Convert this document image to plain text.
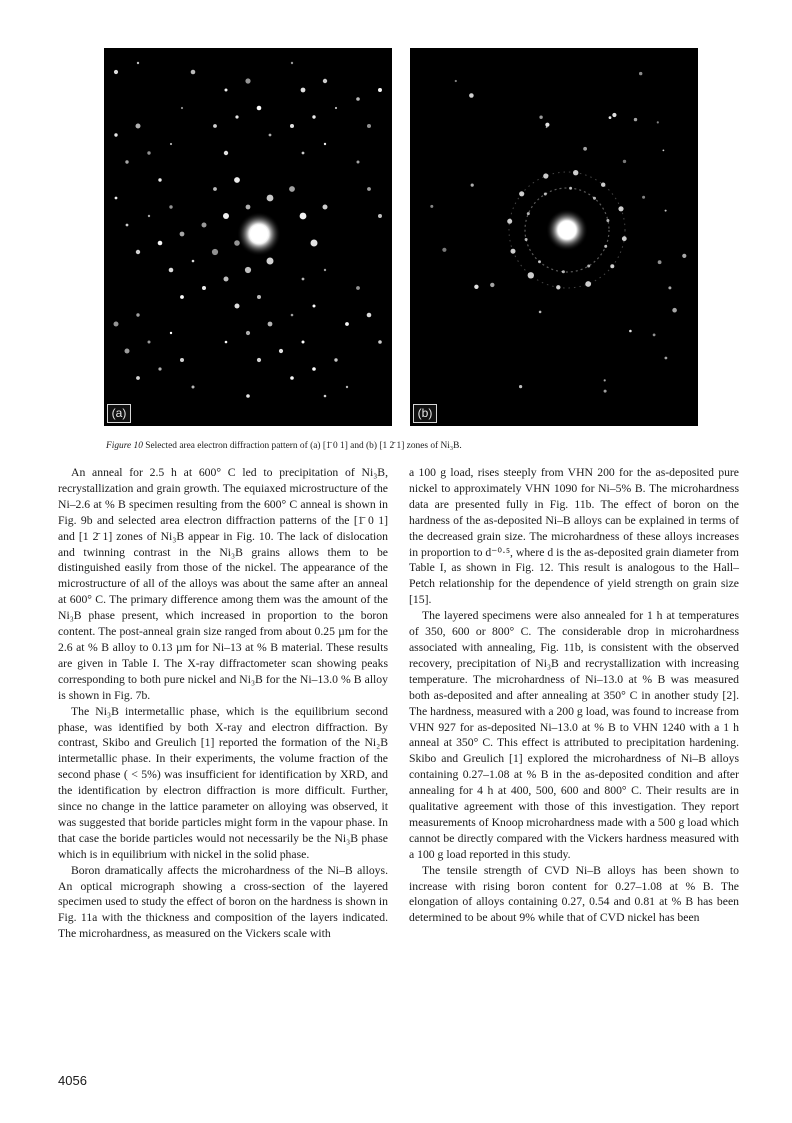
(a)	(b)
Figure 10 Selected area electron diffraction pattern of (a) [1̄ 0 1] and (b) [1 2̄ 1] zones of Ni₃B.

An anneal for 2.5 h at 600° C led to precipitation of Ni₃B, recrystallization and grain growth. The equiaxed microstructure of the Ni–2.6 at % B specimen resulting from the 600° C anneal is shown in Fig. 9b and selected area electron diffraction patterns of the [1̄ 0 1] and [1 2̄ 1] zones of Ni₃B appear in Fig. 10. The lack of dislocation and twinning contrast in the Ni₃B grains allows them to be distinguished easily from those of the nickel. The appearance of the microstructure of all of the alloys was about the same after an anneal at 600° C. The primary difference among them was the amount of the Ni₃B phase present, which increased in proportion to the boron content. The post-anneal grain size ranged from about 0.25 µm for the 2.6 at % B alloy to 0.13 µm for Ni–13 at % B material. These results are given in Table I. The X-ray diffractometer scan showing peaks corresponding to both pure nickel and Ni₃B for the Ni–13.0 % B alloy is shown in Fig. 7b.

The Ni₃B intermetallic phase, which is the equilibrium second phase, was identified by both X-ray and electron diffraction. By contrast, Skibo and Greulich [1] reported the formation of the Ni₂B intermetallic phase. In their experiments, the volume fraction of the second phase ( < 5%) was insufficient for identification by XRD, and the identification by electron diffraction is more difficult. Further, since no change in the lattice parameter on alloying was observed, it was suggested that boride particles might form in the vapour phase. In that case the boride particles would not necessarily be the Ni₃B phase which is in equilibrium with nickel in the solid phase.

Boron dramatically affects the microhardness of the Ni–B alloys. An optical micrograph showing a cross-section of the layered specimen used to study the effect of boron on the hardness is shown in Fig. 11a with the thickness and composition of the layers indicated. The microhardness, as measured on the Vickers scale with

a 100 g load, rises steeply from VHN 200 for the as-deposited pure nickel to approximately VHN 1090 for Ni–5% B. The microhardness data are presented fully in Fig. 11b. The effect of boron on the hardness of the as-deposited Ni–B alloys can be explained in terms of the decreased grain size. The microhardness of these alloys increases in proportion to d⁻⁰·⁵, where d is the as-deposited grain diameter from Table I, as shown in Fig. 12. This result is analogous to the Hall–Petch relationship for the dependence of yield strength on grain size [15].

The layered specimens were also annealed for 1 h at temperatures of 350, 600 or 800° C. The considerable drop in microhardness associated with annealing, Fig. 11b, is consistent with the observed recovery, precipitation of Ni₃B and recrystallization with increasing temperature. The microhardness of Ni–13.0 at % B was measured both as-deposited and after annealing at 350° C in another study [2]. The hardness, measured with a 200 g load, was found to increase from VHN 927 for as-deposited Ni–13.0 at % B to VHN 1240 with a 1 h anneal at 350° C. This effect is attributed to precipitation hardening. Skibo and Greulich [1] explored the microhardness of Ni–B alloys containing 0.27–1.08 at % B in the as-deposited condition and after annealing for 4 h at 400, 500, 600 and 800° C. Their results are in qualitative agreement with those of this investigation. They report measurements of Knoop microhardness made with a 500 g load which cannot be directly compared with the Vickers hardness measured with a 100 g load reported in this study.

The tensile strength of CVD Ni–B alloys has been shown to increase with rising boron content for 0.27–1.08 at % B. The elongation of alloys containing 0.27, 0.54 and 0.81 at % B has been determined to be about 9% while that of CVD nickel has been

4056
